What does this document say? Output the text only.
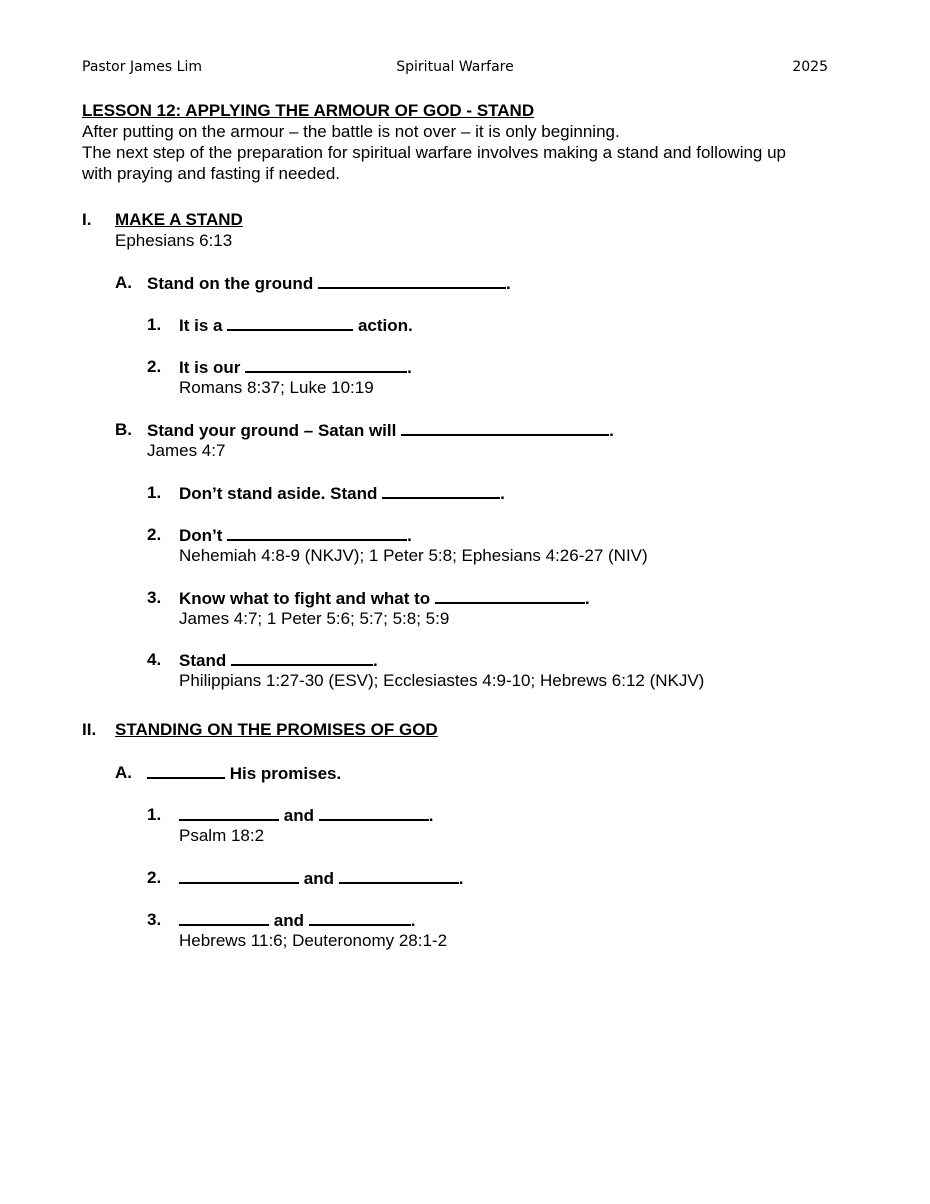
Pastor James Lim	Spiritual Warfare	2025
LESSON 12: APPLYING THE ARMOUR OF GOD - STAND
After putting on the armour – the battle is not over – it is only beginning.
The next step of the preparation for spiritual warfare involves making a stand and following up
with praying and fasting if needed.
I. MAKE A STAND
Ephesians 6:13
A. Stand on the ground	.
1. It is a	action.
2. It is our	.
Romans 8:37; Luke 10:19
B. Stand your ground – Satan will	.
James 4:7
1. Don’t stand aside. Stand	.
2. Don’t	.
Nehemiah 4:8-9 (NKJV); 1 Peter 5:8; Ephesians 4:26-27 (NIV)
3. Know what to fight and what to	.
James 4:7; 1 Peter 5:6; 5:7; 5:8; 5:9
4. Stand	.
Philippians 1:27-30 (ESV); Ecclesiastes 4:9-10; Hebrews 6:12 (NKJV)
II. STANDING ON THE PROMISES OF GOD
A.	His promises.
1.	and	.
Psalm 18:2
2.	and	.
3.	and	.
Hebrews 11:6; Deuteronomy 28:1-2
